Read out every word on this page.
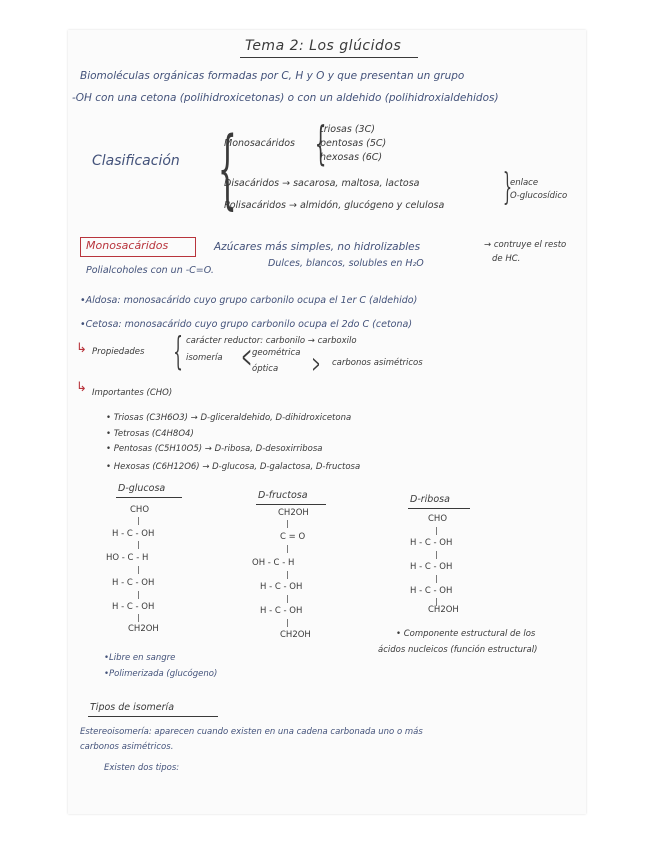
Tema 2: Los glúcidos
Biomoléculas orgánicas formadas por C, H y O y que presentan un grupo
-OH con una cetona (polihidroxicetonas) o con un aldehido (polihidroxialdehidos)
Clasificación {
Monosacáridos {
triosas (3C)
pentosas (5C)
hexosas (6C)
Disacáridos → sacarosa, maltosa, lactosa
Polisacáridos → almidón, glucógeno y celulosa }
enlace
O-glucosídico
Monosacáridos	Azúcares más simples, no hidrolizables	→ contruye el resto
de HC.
Dulces, blancos, solubles en H₂O
Polialcoholes con un -C=O.
•Aldosa: monosacárido cuyo grupo carbonilo ocupa el 1er C (aldehido)
•Cetosa: monosacárido cuyo grupo carbonilo ocupa el 2do C (cetona)
↳ Propiedades { carácter reductor: carbonilo → carboxilo
isomería < geométrica
óptica > carbonos asimétricos
↳ Importantes (CHO)
• Triosas (C3H6O3) → D-gliceraldehido, D-dihidroxicetona
• Tetrosas (C4H8O4)
• Pentosas (C5H10O5) → D-ribosa, D-desoxirribosa
• Hexosas (C6H12O6) → D-glucosa, D-galactosa, D-fructosa
D-glucosa
CHO
|
H - C - OH
|
HO - C - H
|
H - C - OH
|
H - C - OH
|
CH2OH
•Libre en sangre
•Polimerizada (glucógeno)
D-fructosa
CH2OH
|
C = O
|
OH - C - H
|
H - C - OH
|
H - C - OH
|
CH2OH
D-ribosa
CHO
|
H - C - OH
|
H - C - OH
|
H - C - OH
|
CH2OH
• Componente estructural de los
ácidos nucleicos (función estructural)
Tipos de isomería
Estereoisomería: aparecen cuando existen en una cadena carbonada uno o más
carbonos asimétricos.
Existen dos tipos:
